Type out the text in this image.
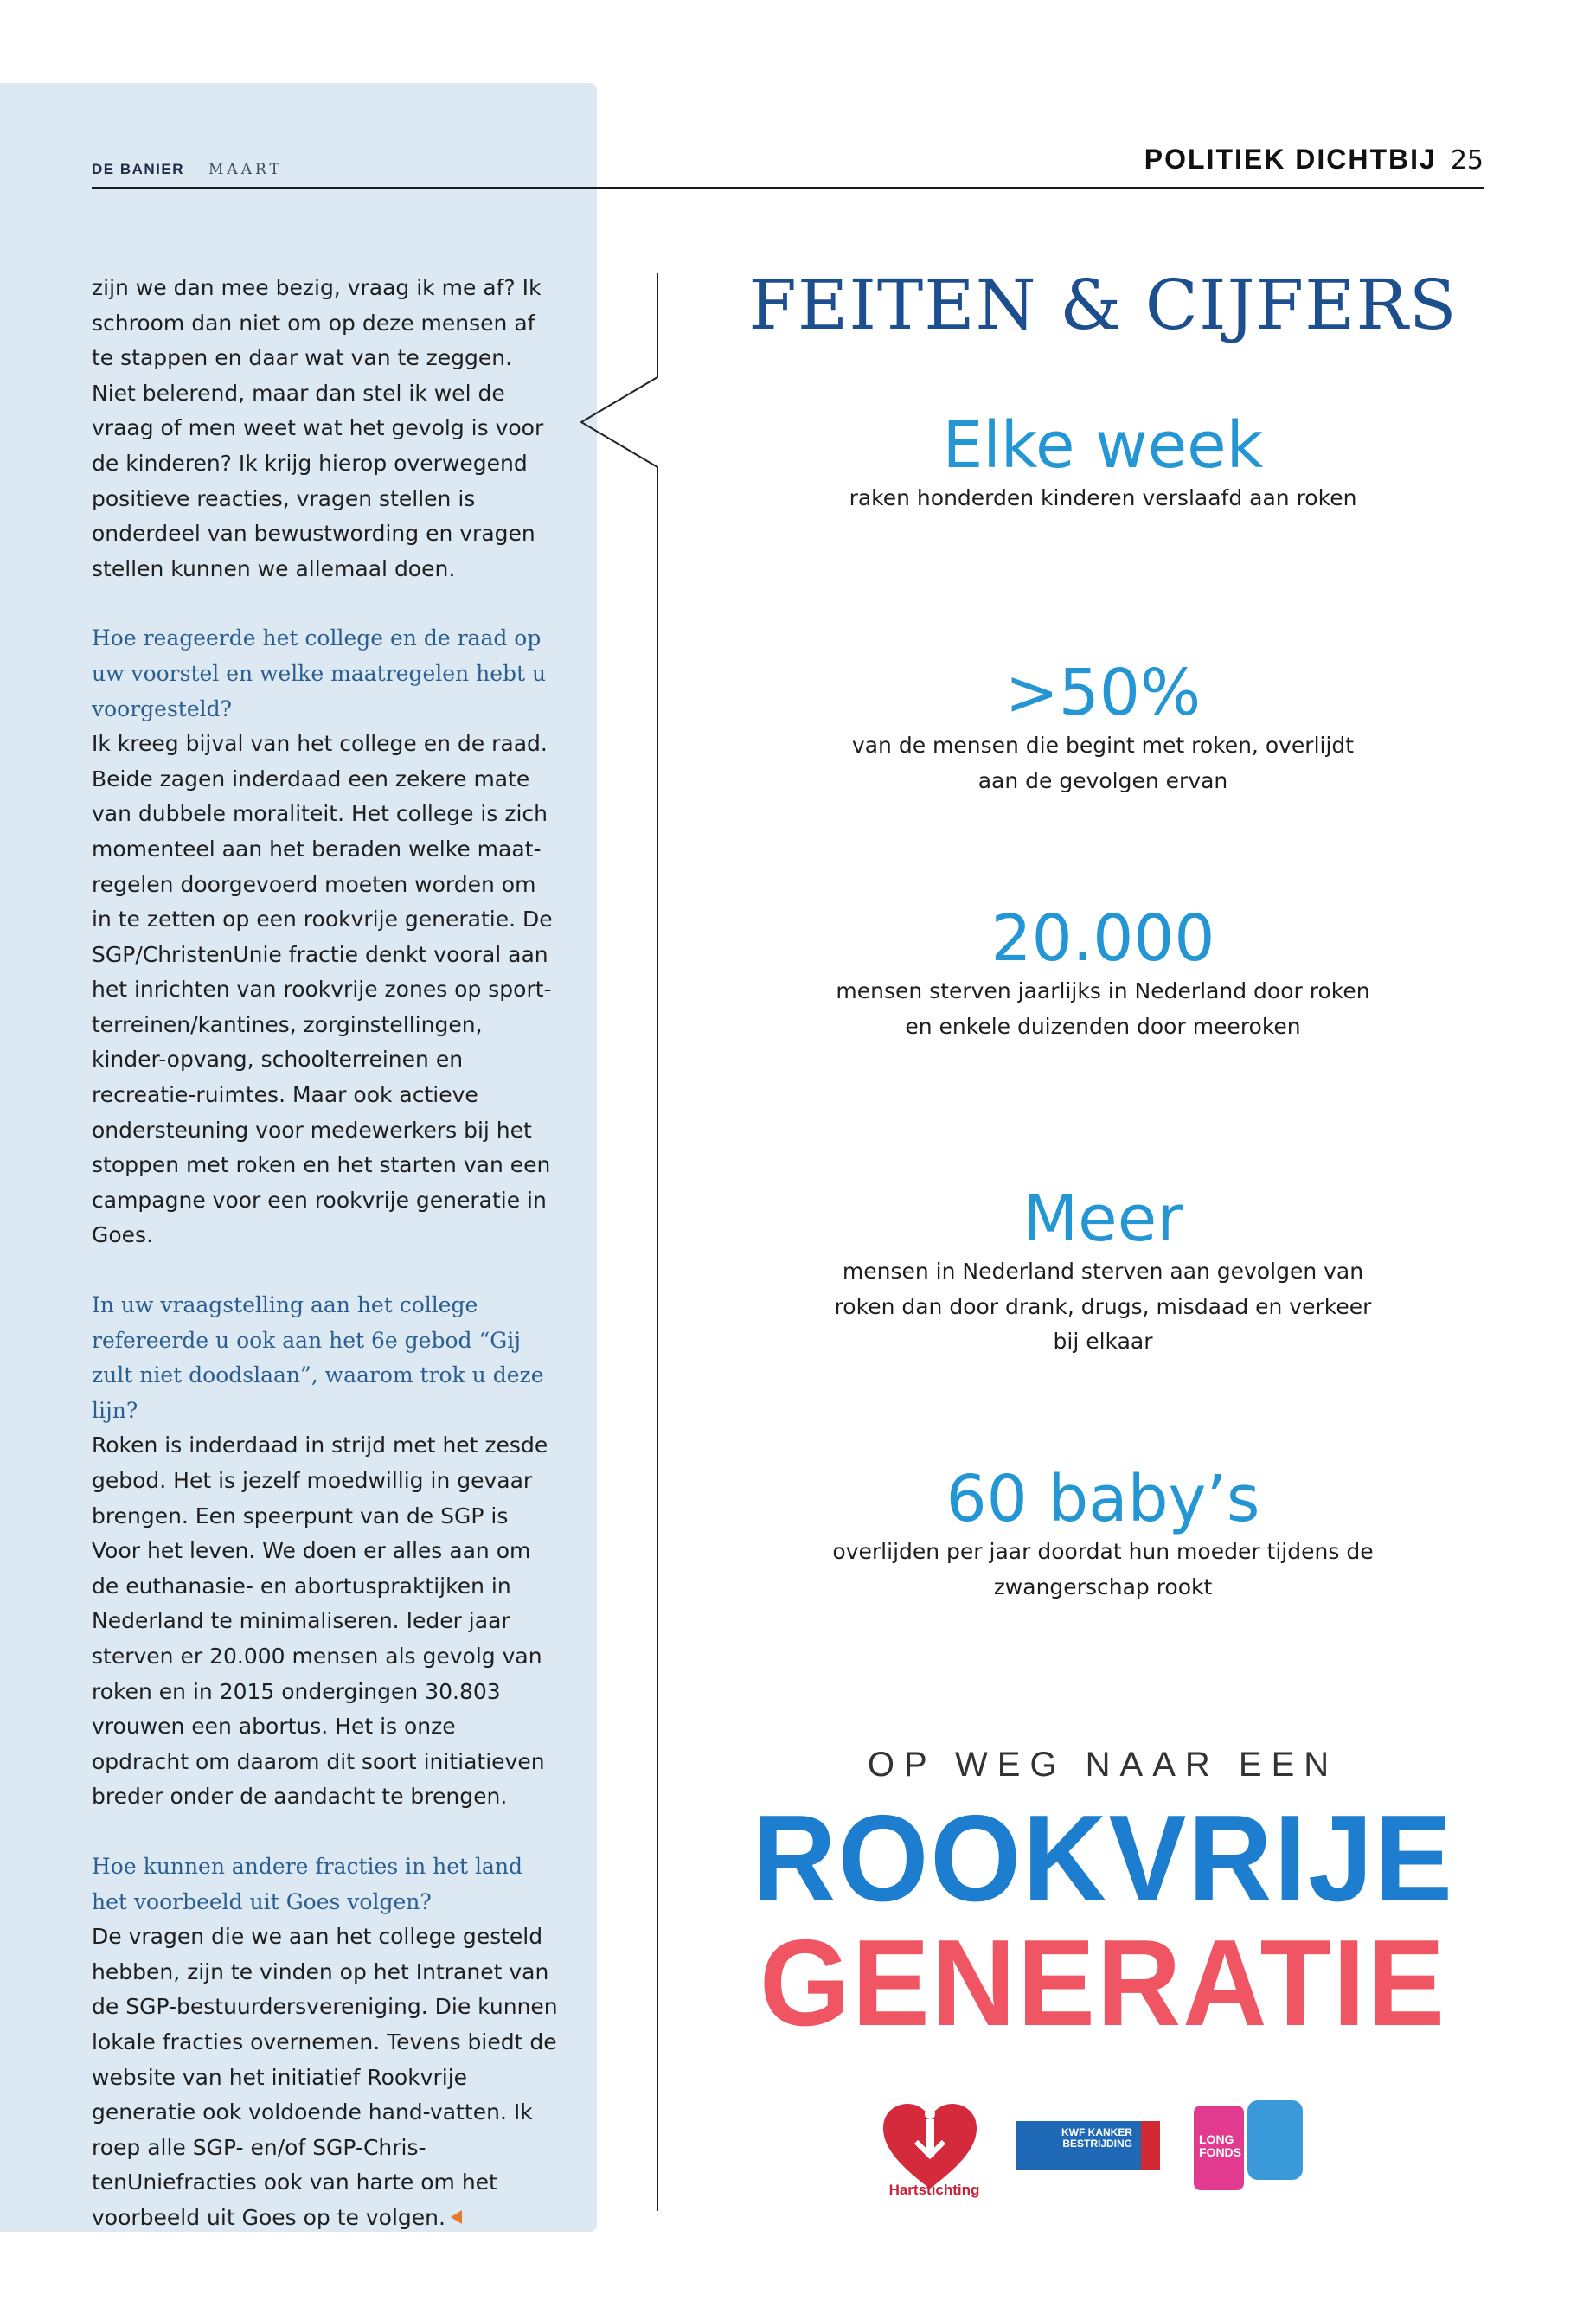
DE BANIER MAART	POLITIEK DICHTBIJ 25

zijn we dan mee bezig, vraag ik me af? Ik schroom dan niet om op deze mensen af te stappen en daar wat van te zeggen. Niet belerend, maar dan stel ik wel de vraag of men weet wat het gevolg is voor de kinderen? Ik krijg hierop overwegend positieve reacties, vragen stellen is onderdeel van bewustwording en vragen stellen kunnen we allemaal doen.

Hoe reageerde het college en de raad op uw voorstel en welke maatregelen hebt u voorgesteld?

Ik kreeg bijval van het college en de raad. Beide zagen inderdaad een zekere mate van dubbele moraliteit. Het college is zich momenteel aan het beraden welke maat-regelen doorgevoerd moeten worden om in te zetten op een rookvrije generatie. De SGP/ChristenUnie fractie denkt vooral aan het inrichten van rookvrije zones op sport-terreinen/kantines, zorginstellingen, kinder-opvang, schoolterreinen en recreatie-ruimtes. Maar ook actieve ondersteuning voor medewerkers bij het stoppen met roken en het starten van een campagne voor een rookvrije generatie in Goes.

In uw vraagstelling aan het college refereerde u ook aan het 6e gebod “Gij zult niet doodslaan”, waarom trok u deze lijn?

Roken is inderdaad in strijd met het zesde gebod. Het is jezelf moedwillig in gevaar brengen. Een speerpunt van de SGP is Voor het leven. We doen er alles aan om de euthanasie- en abortuspraktijken in Nederland te minimaliseren. Ieder jaar sterven er 20.000 mensen als gevolg van roken en in 2015 ondergingen 30.803 vrouwen een abortus. Het is onze opdracht om daarom dit soort initiatieven breder onder de aandacht te brengen.

Hoe kunnen andere fracties in het land het voorbeeld uit Goes volgen?

De vragen die we aan het college gesteld hebben, zijn te vinden op het Intranet van de SGP-bestuurdersvereniging. Die kunnen lokale fracties overnemen. Tevens biedt de website van het initiatief Rookvrije generatie ook voldoende hand-vatten. Ik roep alle SGP- en/of SGP-Chris-tenUniefracties ook van harte om het voorbeeld uit Goes op te volgen.

FEITEN & CIJFERS
Elke week
raken honderden kinderen verslaafd aan roken
>50%
van de mensen die begint met roken, overlijdt aan de gevolgen ervan
20.000
mensen sterven jaarlijks in Nederland door roken en enkele duizenden door meeroken
Meer
mensen in Nederland sterven aan gevolgen van roken dan door drank, drugs, misdaad en verkeer bij elkaar
60 baby’s
overlijden per jaar doordat hun moeder tijdens de zwangerschap rookt
OP WEG NAAR EEN
ROOKVRIJE
GENERATIE
Hartstichting
KWF KANKER BESTRIJDING	LONG FONDS
